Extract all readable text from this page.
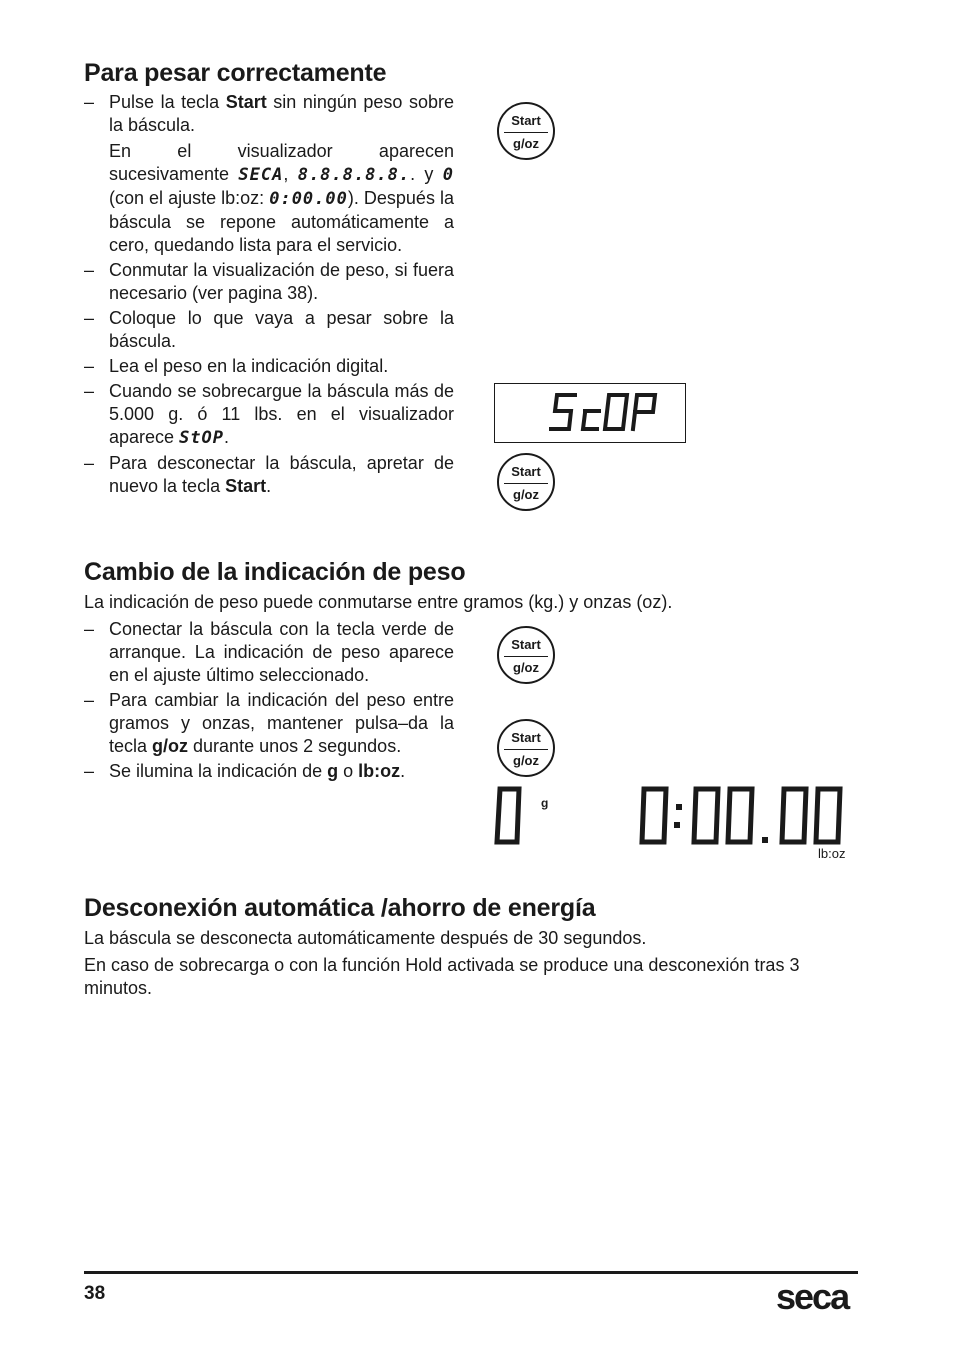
Para pesar correctamente
– Pulse la tecla Start sin ningún peso sobre la báscula.
En el visualizador aparecen sucesivamente SECA, 8.8.8.8.8.. y 0 (con el ajuste lb:oz: 0:00.00). Después la báscula se repone automáticamente a cero, quedando lista para el servicio.
– Conmutar la visualización de peso, si fuera necesario (ver pagina 38).
– Coloque lo que vaya a pesar sobre la báscula.
– Lea el peso en la indicación digital.
– Cuando se sobrecargue la báscula más de 5.000 g. ó 11 lbs. en el visualizador aparece StOP.
– Para desconectar la báscula, apretar de nuevo la tecla Start.
Start
g/oz
Start
g/oz
Cambio de la indicación de peso

La indicación de peso puede conmutarse entre gramos (kg.) y onzas (oz).

– Conectar la báscula con la tecla verde de arranque. La indicación de peso aparece en el ajuste último seleccionado.
– Para cambiar la indicación del peso entre gramos y onzas, mantener pulsa–da la tecla g/oz durante unos 2 segundos.
– Se ilumina la indicación de g o lb:oz.
Start
g/oz
Start
g/oz
g
lb:oz
Desconexión automática /ahorro de energía

La báscula se desconecta automáticamente después de 30 segundos.

En caso de sobrecarga o con la función Hold activada se produce una desconexión tras 3 minutos.

38	seca
